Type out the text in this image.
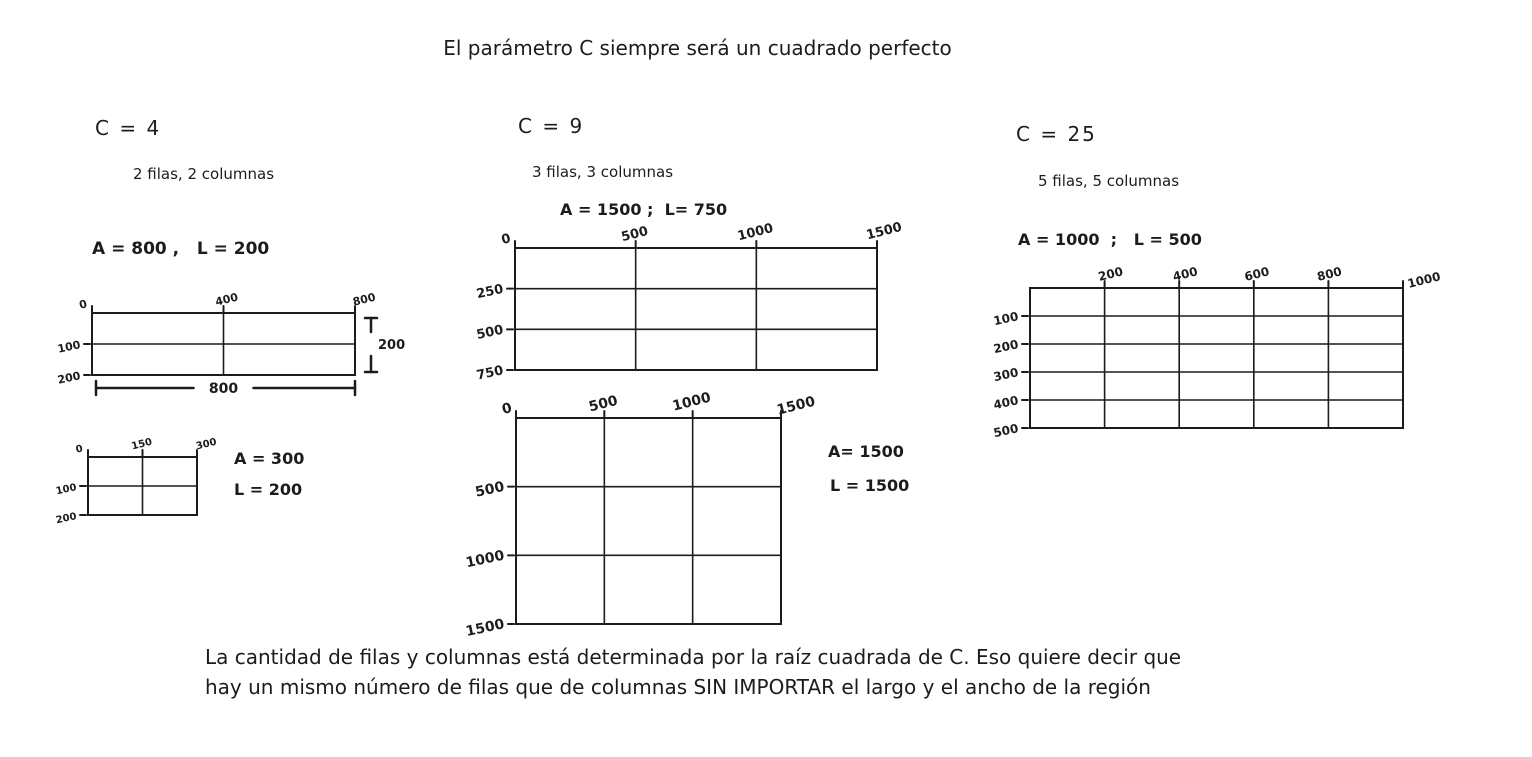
0	400	800
100
200
800
200
0	150	300
100
200
0	500	1000	1500
250
500
750
0	500	1000	1500
500
1000
1500
200	400	600	800	1000
100
200
300
400
500
El parámetro C siempre será un cuadrado perfecto
C = 4
2 filas, 2 columnas
A = 800 ,   L = 200
A = 300
L = 200
C = 9
3 filas, 3 columnas
A = 1500 ;  L= 750
A= 1500
L = 1500
C = 25
5 filas, 5 columnas
A = 1000  ;   L = 500
La cantidad de filas y columnas está determinada por la raíz cuadrada de C. Eso quiere decir que
hay un mismo número de filas que de columnas SIN IMPORTAR el largo y el ancho de la región
